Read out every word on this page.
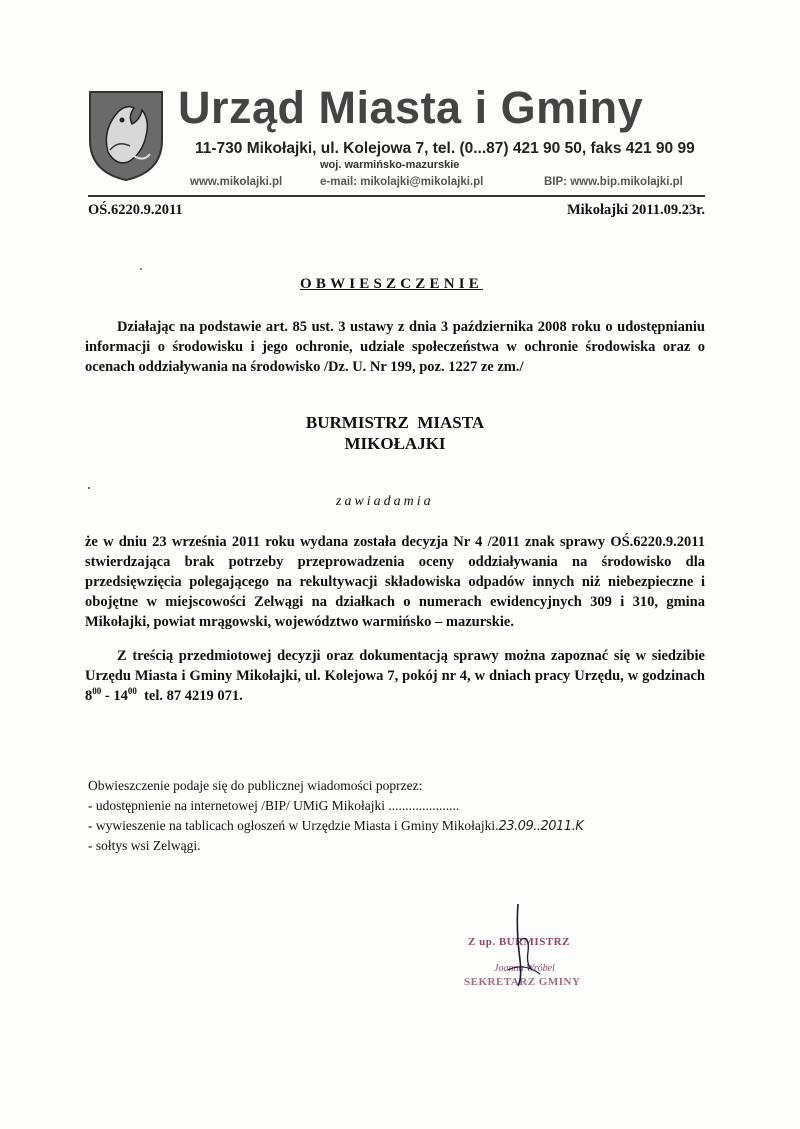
Urząd Miasta i Gminy
11-730 Mikołajki, ul. Kolejowa 7, tel. (0...87) 421 90 50, faks 421 90 99
woj. warmińsko-mazurskie
www.mikolajki.pl	e-mail: mikolajki@mikolajki.pl	BIP: www.bip.mikolajki.pl
OŚ.6220.9.2011	Mikołajki 2011.09.23r.
OBWIESZCZENIE

Działając na podstawie art. 85 ust. 3 ustawy z dnia 3 października 2008 roku o udostępnianiu informacji o środowisku i jego ochronie, udziale społeczeństwa w ochronie środowiska oraz o ocenach oddziaływania na środowisko /Dz. U. Nr 199, poz. 1227 ze zm./

BURMISTRZ  MIASTA
MIKOŁAJKI

zawiadamia

że w dniu 23 września 2011 roku wydana została decyzja Nr 4 /2011 znak sprawy OŚ.6220.9.2011 stwierdzająca brak potrzeby przeprowadzenia oceny oddziaływania na środowisko dla przedsięwzięcia polegającego na rekultywacji składowiska odpadów innych niż niebezpieczne i obojętne w miejscowości Zelwągi na działkach o numerach ewidencyjnych 309 i 310, gmina Mikołajki, powiat mrągowski, województwo warmińsko – mazurskie.

Z treścią przedmiotowej decyzji oraz dokumentacją sprawy można zapoznać się w siedzibie Urzędu Miasta i Gminy Mikołajki, ul. Kolejowa 7, pokój nr 4, w dniach pracy Urzędu, w godzinach $8^{00} - 14^{00}$  tel. 87 4219 071.

Obwieszczenie podaje się do publicznej wiadomości poprzez:

- udostępnienie na internetowej /BIP/ UMiG Mikołajki .....................
- wywieszenie na tablicach ogłoszeń w Urzędzie Miasta i Gminy Mikołajki.23.09..2011.K
- sołtys wsi Zelwągi.
Z up. BURMISTRZ
Joanna Wróbel
SEKRETARZ GMINY
